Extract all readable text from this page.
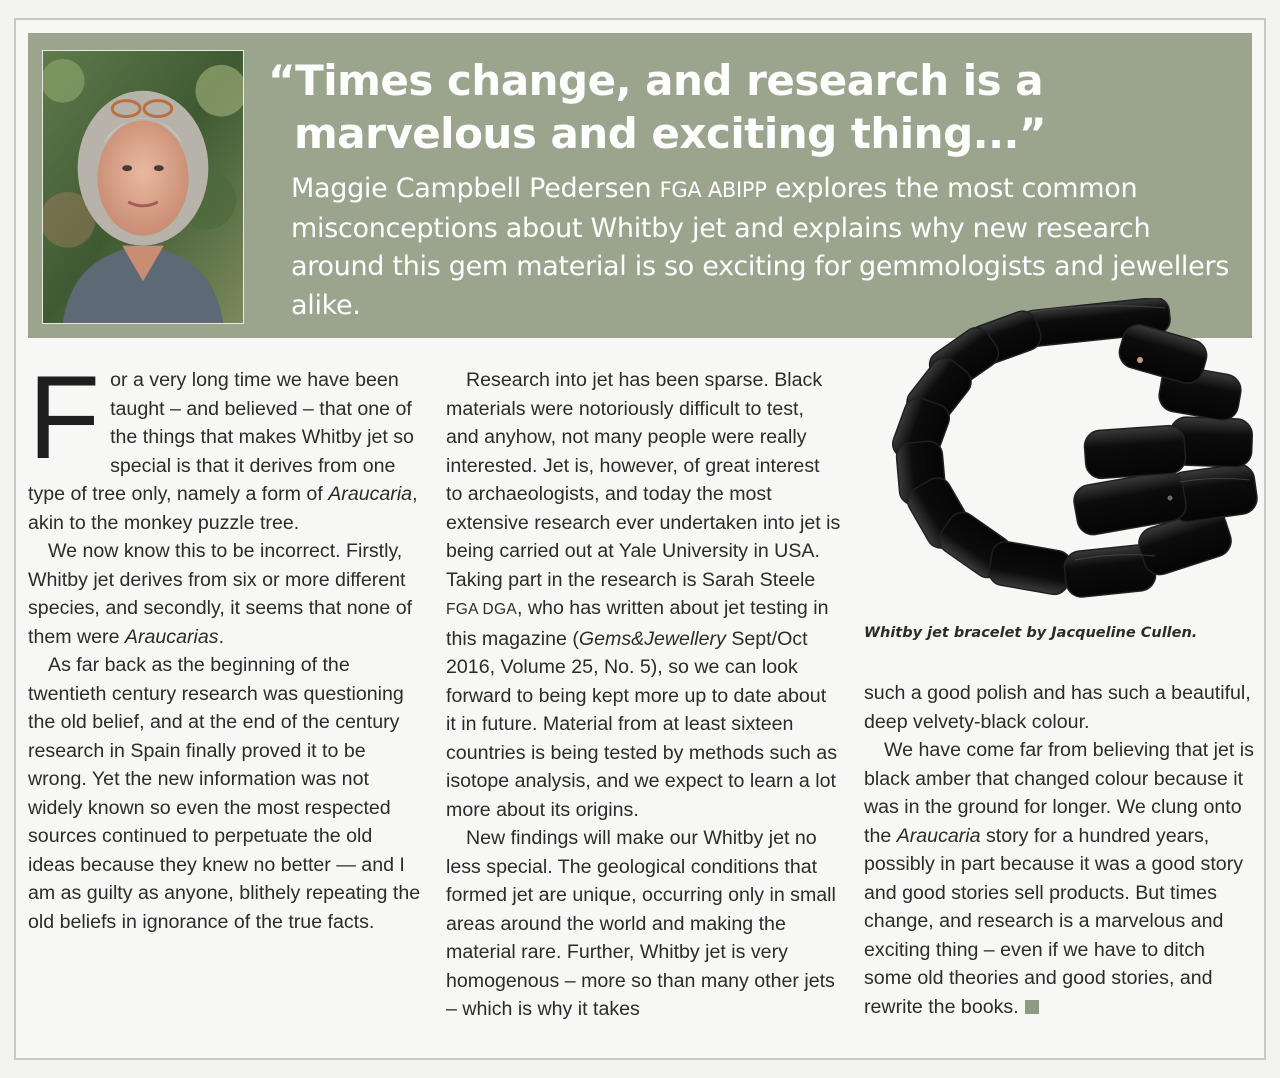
“Times change, and research is a
marvelous and exciting thing...”

Maggie Campbell Pedersen FGA ABIPP explores the most common misconceptions about Whitby jet and explains why new research around this gem material is so exciting for gemmologists and jewellers alike.

For a very long time we have been taught – and believed – that one of the things that makes Whitby jet so special is that it derives from one type of tree only, namely a form of Araucaria, akin to the monkey puzzle tree.

We now know this to be incorrect. Firstly, Whitby jet derives from six or more different species, and secondly, it seems that none of them were Araucarias.

As far back as the beginning of the twentieth century research was questioning the old belief, and at the end of the century research in Spain finally proved it to be wrong. Yet the new information was not widely known so even the most respected sources continued to perpetuate the old ideas because they knew no better — and I am as guilty as anyone, blithely repeating the old beliefs in ignorance of the true facts.

Research into jet has been sparse. Black materials were notoriously difficult to test, and anyhow, not many people were really interested. Jet is, however, of great interest to archaeologists, and today the most extensive research ever undertaken into jet is being carried out at Yale University in USA. Taking part in the research is Sarah Steele FGA DGA, who has written about jet testing in this magazine (Gems&Jewellery Sept/Oct 2016, Volume 25, No. 5), so we can look forward to being kept more up to date about it in future. Material from at least sixteen countries is being tested by methods such as isotope analysis, and we expect to learn a lot more about its origins.

New findings will make our Whitby jet no less special. The geological conditions that formed jet are unique, occurring only in small areas around the world and making the material rare. Further, Whitby jet is very homogenous – more so than many other jets – which is why it takes

Whitby jet bracelet by Jacqueline Cullen.

such a good polish and has such a beautiful, deep velvety-black colour.

We have come far from believing that jet is black amber that changed colour because it was in the ground for longer. We clung onto the Araucaria story for a hundred years, possibly in part because it was a good story and good stories sell products. But times change, and research is a marvelous and exciting thing – even if we have to ditch some old theories and good stories, and rewrite the books.
